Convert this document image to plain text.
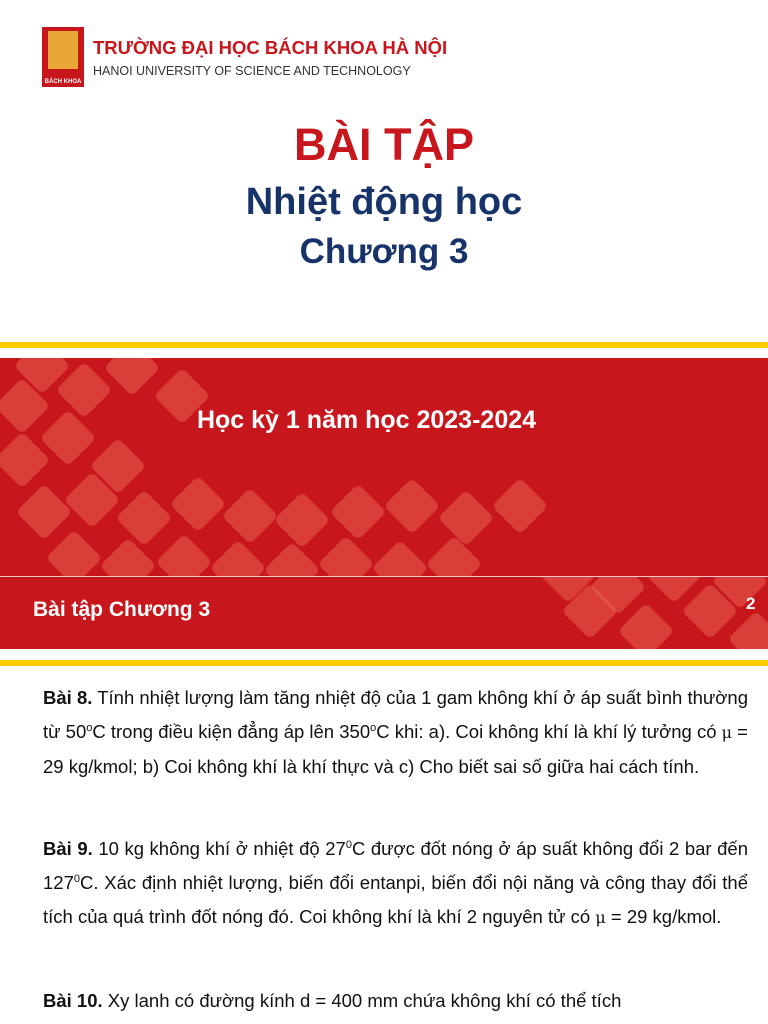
BÁCH KHOA
TRƯỜNG ĐẠI HỌC BÁCH KHOA HÀ NỘI
HANOI UNIVERSITY OF SCIENCE AND TECHNOLOGY
BÀI TẬP
Nhiệt động học
Chương 3
Học kỳ 1 năm học 2023-2024
Bài tập Chương 3	2
Bài 8. Tính nhiệt lượng làm tăng nhiệt độ của 1 gam không khí ở áp suất bình thường từ 50$^o$C trong điều kiện đẳng áp lên 350$^o$C khi: a). Coi không khí là khí lý tưởng có μ = 29 kg/kmol; b) Coi không khí là khí thực và c) Cho biết sai số giữa hai cách tính.
Bài 9. 10 kg không khí ở nhiệt độ $27^0C$ được đốt nóng ở áp suất không đổi 2 bar đến $127^0C$. Xác định nhiệt lượng, biến đổi entanpi, biến đổi nội năng và công thay đổi thể tích của quá trình đốt nóng đó. Coi không khí là khí 2 nguyên tử có μ = 29 kg/kmol.
Bài 10. Xy lanh có đường kính d = 400 mm chứa không khí có thể tích
